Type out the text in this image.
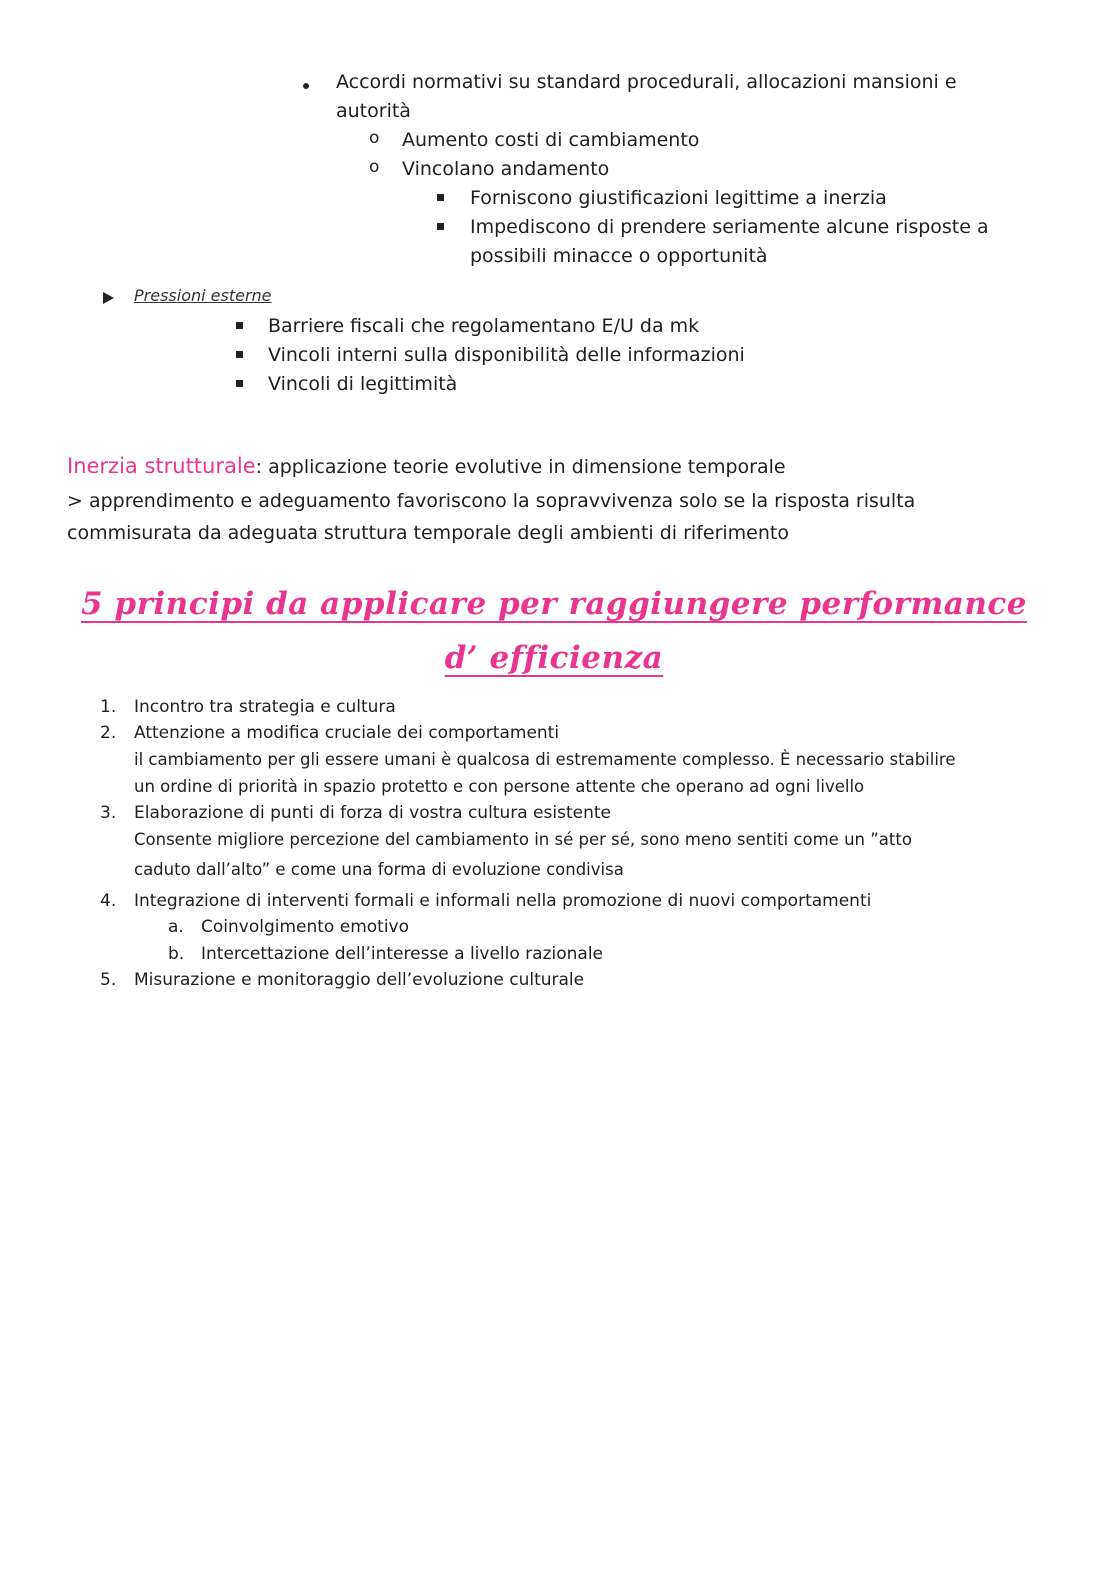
Accordi normativi su standard procedurali, allocazioni mansioni e
autorità
o Aumento costi di cambiamento
o Vincolano andamento
Forniscono giustificazioni legittime a inerzia
Impediscono di prendere seriamente alcune risposte a
possibili minacce o opportunità
Pressioni esterne
Barriere fiscali che regolamentano E/U da mk
Vincoli interni sulla disponibilità delle informazioni
Vincoli di legittimità
Inerzia strutturale: applicazione teorie evolutive in dimensione temporale
> apprendimento e adeguamento favoriscono la sopravvivenza solo se la risposta risulta
commisurata da adeguata struttura temporale degli ambienti di riferimento
5 principi da applicare per raggiungere performance
d’ efficienza
1. Incontro tra strategia e cultura
2. Attenzione a modifica cruciale dei comportamenti
il cambiamento per gli essere umani è qualcosa di estremamente complesso. È necessario stabilire
un ordine di priorità in spazio protetto e con persone attente che operano ad ogni livello
3. Elaborazione di punti di forza di vostra cultura esistente
Consente migliore percezione del cambiamento in sé per sé, sono meno sentiti come un ”atto
caduto dall’alto” e come una forma di evoluzione condivisa
4. Integrazione di interventi formali e informali nella promozione di nuovi comportamenti
a. Coinvolgimento emotivo
b. Intercettazione dell’interesse a livello razionale
5. Misurazione e monitoraggio dell’evoluzione culturale
